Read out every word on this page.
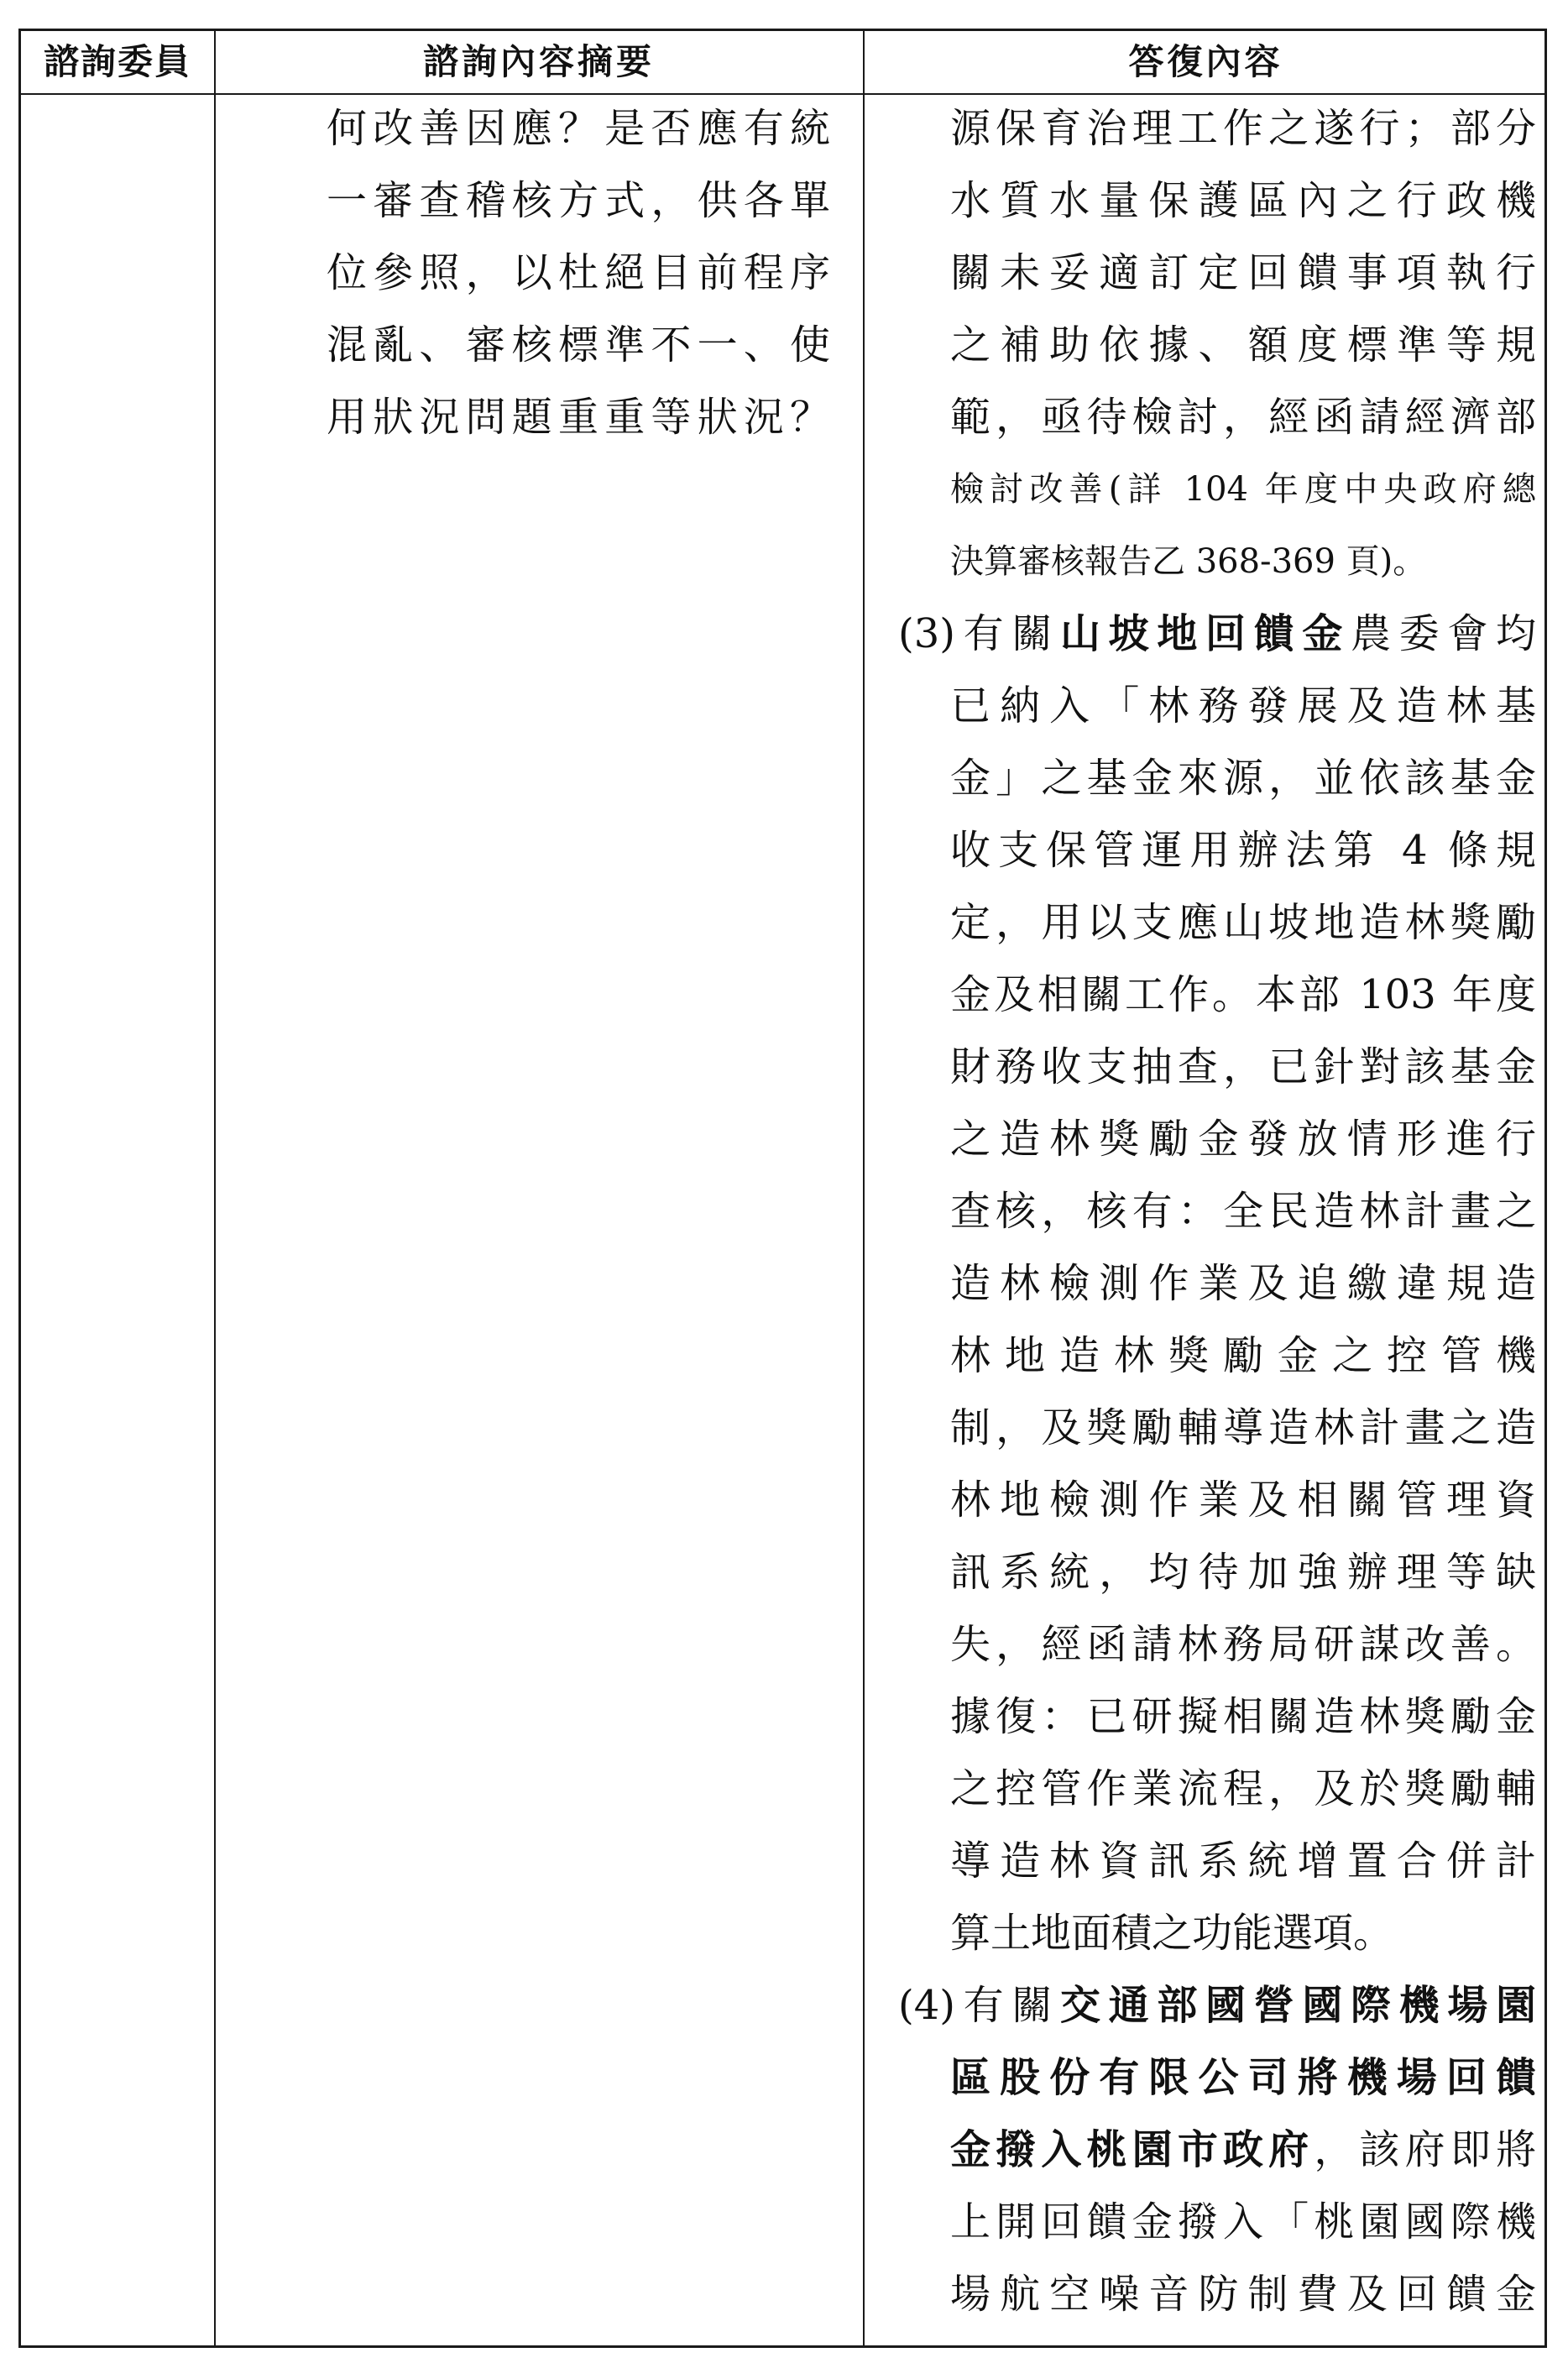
諮詢委員	諮詢內容摘要	答復內容
何改善因應？是否應有統
一審查稽核方式，供各單
位參照，以杜絕目前程序
混亂、審核標準不一、使
用狀況問題重重等狀況？
源保育治理工作之遂行；部分
水質水量保護區內之行政機
關未妥適訂定回饋事項執行
之補助依據、額度標準等規
範，亟待檢討，經函請經濟部
檢討改善(詳 104 年度中央政府總
決算審核報告乙 368-369 頁)。
(3)有關山坡地回饋金農委會均
已納入「林務發展及造林基
金」之基金來源，並依該基金
收支保管運用辦法第 4 條規
定，用以支應山坡地造林獎勵
金及相關工作。本部 103 年度
財務收支抽查，已針對該基金
之造林獎勵金發放情形進行
查核，核有：全民造林計畫之
造林檢測作業及追繳違規造
林地造林獎勵金之控管機
制，及獎勵輔導造林計畫之造
林地檢測作業及相關管理資
訊系統，均待加強辦理等缺
失，經函請林務局研謀改善。
據復：已研擬相關造林獎勵金
之控管作業流程，及於獎勵輔
導造林資訊系統增置合併計
算土地面積之功能選項。
(4)有關交通部國營國際機場園
區股份有限公司將機場回饋
金撥入桃園市政府，該府即將
上開回饋金撥入「桃園國際機
場航空噪音防制費及回饋金
